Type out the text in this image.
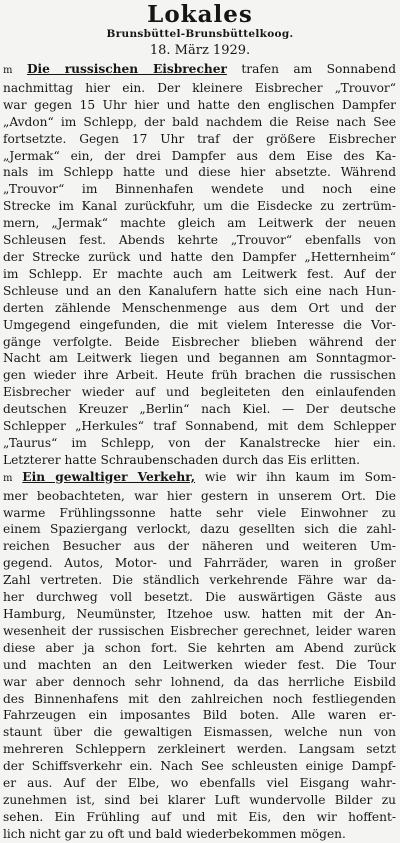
Lokales
Brunsbüttel-Brunsbüttelkoog.
18. März 1929.

m Die russischen Eisbrecher trafen am Sonnabend
nachmittag hier ein. Der kleinere Eisbrecher „Trouvor“
war gegen 15 Uhr hier und hatte den englischen Dampfer
„Avdon“ im Schlepp, der bald nachdem die Reise nach See
fortsetzte. Gegen 17 Uhr traf der größere Eisbrecher
„Jermak“ ein, der drei Dampfer aus dem Eise des Ka-
nals im Schlepp hatte und diese hier absetzte. Während
„Trouvor“ im Binnenhafen wendete und noch eine
Strecke im Kanal zurückfuhr, um die Eisdecke zu zertrüm-
mern, „Jermak“ machte gleich am Leitwerk der neuen
Schleusen fest. Abends kehrte „Trouvor“ ebenfalls von
der Strecke zurück und hatte den Dampfer „Hetternheim“
im Schlepp. Er machte auch am Leitwerk fest. Auf der
Schleuse und an den Kanalufern hatte sich eine nach Hun-
derten zählende Menschenmenge aus dem Ort und der
Umgegend eingefunden, die mit vielem Interesse die Vor-
gänge verfolgte. Beide Eisbrecher blieben während der
Nacht am Leitwerk liegen und begannen am Sonntagmor-
gen wieder ihre Arbeit. Heute früh brachen die russischen
Eisbrecher wieder auf und begleiteten den einlaufenden
deutschen Kreuzer „Berlin“ nach Kiel. — Der deutsche
Schlepper „Herkules“ traf Sonnabend, mit dem Schlepper
„Taurus“ im Schlepp, von der Kanalstrecke hier ein.
Letzterer hatte Schraubenschaden durch das Eis erlitten.

m Ein gewaltiger Verkehr, wie wir ihn kaum im Som-
mer beobachteten, war hier gestern in unserem Ort. Die
warme Frühlingssonne hatte sehr viele Einwohner zu
einem Spaziergang verlockt, dazu gesellten sich die zahl-
reichen Besucher aus der näheren und weiteren Um-
gegend. Autos, Motor- und Fahrräder, waren in großer
Zahl vertreten. Die ständlich verkehrende Fähre war da-
her durchweg voll besetzt. Die auswärtigen Gäste aus
Hamburg, Neumünster, Itzehoe usw. hatten mit der An-
wesenheit der russischen Eisbrecher gerechnet, leider waren
diese aber ja schon fort. Sie kehrten am Abend zurück
und machten an den Leitwerken wieder fest. Die Tour
war aber dennoch sehr lohnend, da das herrliche Eisbild
des Binnenhafens mit den zahlreichen noch festliegenden
Fahrzeugen ein imposantes Bild boten. Alle waren er-
staunt über die gewaltigen Eismassen, welche nun von
mehreren Schleppern zerkleinert werden. Langsam setzt
der Schiffsverkehr ein. Nach See schleusten einige Dampf-
er aus. Auf der Elbe, wo ebenfalls viel Eisgang wahr-
zunehmen ist, sind bei klarer Luft wundervolle Bilder zu
sehen. Ein Frühling auf und mit Eis, den wir hoffent-
lich nicht gar zu oft und bald wiederbekommen mögen.
